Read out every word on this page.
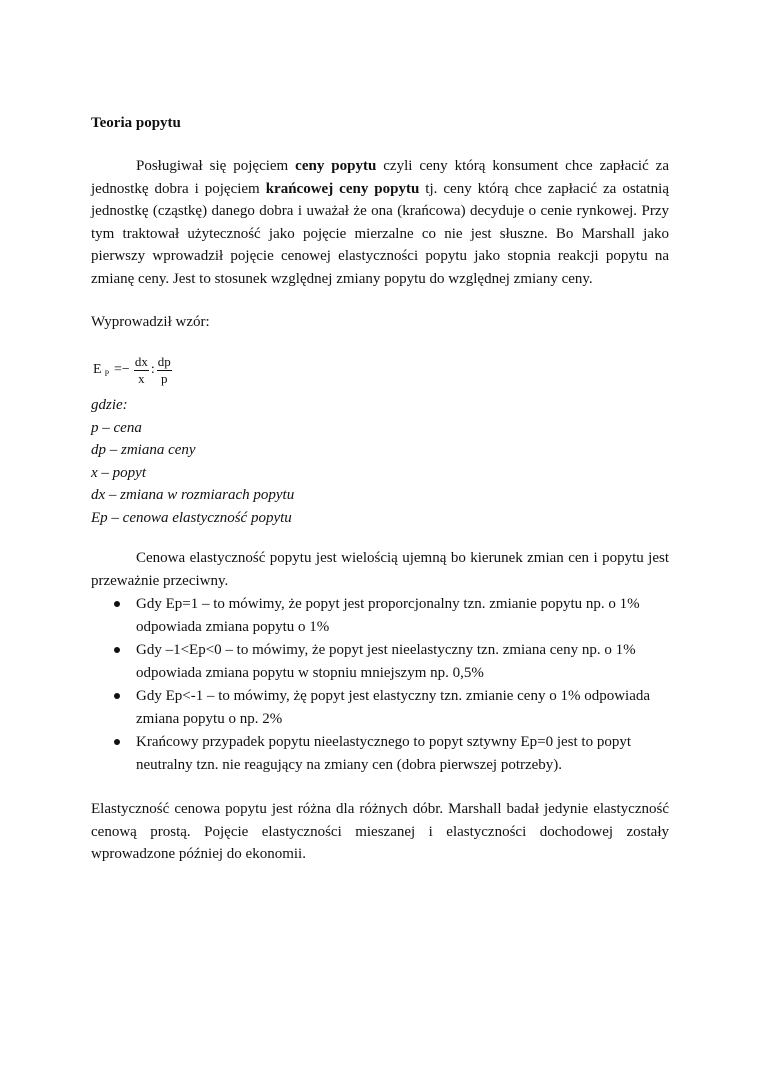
Teoria popytu
Posługiwał się pojęciem ceny popytu czyli ceny którą konsument chce zapłacić za jednostkę dobra i pojęciem krańcowej ceny popytu tj. ceny którą chce zapłacić za ostatnią jednostkę (cząstkę) danego dobra i uważał że ona (krańcowa) decyduje o cenie rynkowej. Przy tym traktował użyteczność jako pojęcie mierzalne co nie jest słuszne. Bo Marshall jako pierwszy wprowadził pojęcie cenowej elastyczności popytu jako stopnia reakcji popytu na zmianę ceny. Jest to stosunek względnej zmiany popytu do względnej zmiany ceny.
Wyprowadził wzór:
E $P =- \frac{dx}{x}$ : $\frac{dp}{p}$
gdzie:
p – cena
dp – zmiana ceny
x – popyt
dx – zmiana w rozmiarach popytu
Ep – cenowa elastyczność popytu
Cenowa elastyczność popytu jest wielością ujemną bo kierunek zmian cen i popytu jest przeważnie przeciwny.
Gdy Ep=1 – to mówimy, że popyt jest proporcjonalny tzn. zmianie popytu np. o 1% odpowiada zmiana popytu o 1%
Gdy –1<Ep<0 – to mówimy, że popyt jest nieelastyczny tzn. zmiana ceny np. o 1% odpowiada zmiana popytu w stopniu mniejszym np. 0,5%
Gdy Ep<-1 – to mówimy, żę popyt jest elastyczny tzn. zmianie ceny o 1% odpowiada zmiana popytu o np. 2%
Krańcowy przypadek popytu nieelastycznego to popyt sztywny Ep=0 jest to popyt neutralny tzn. nie reagujący na zmiany cen (dobra pierwszej potrzeby).
Elastyczność cenowa popytu jest różna dla różnych dóbr. Marshall badał jedynie elastyczność cenową prostą. Pojęcie elastyczności mieszanej i elastyczności dochodowej zostały wprowadzone później do ekonomii.
